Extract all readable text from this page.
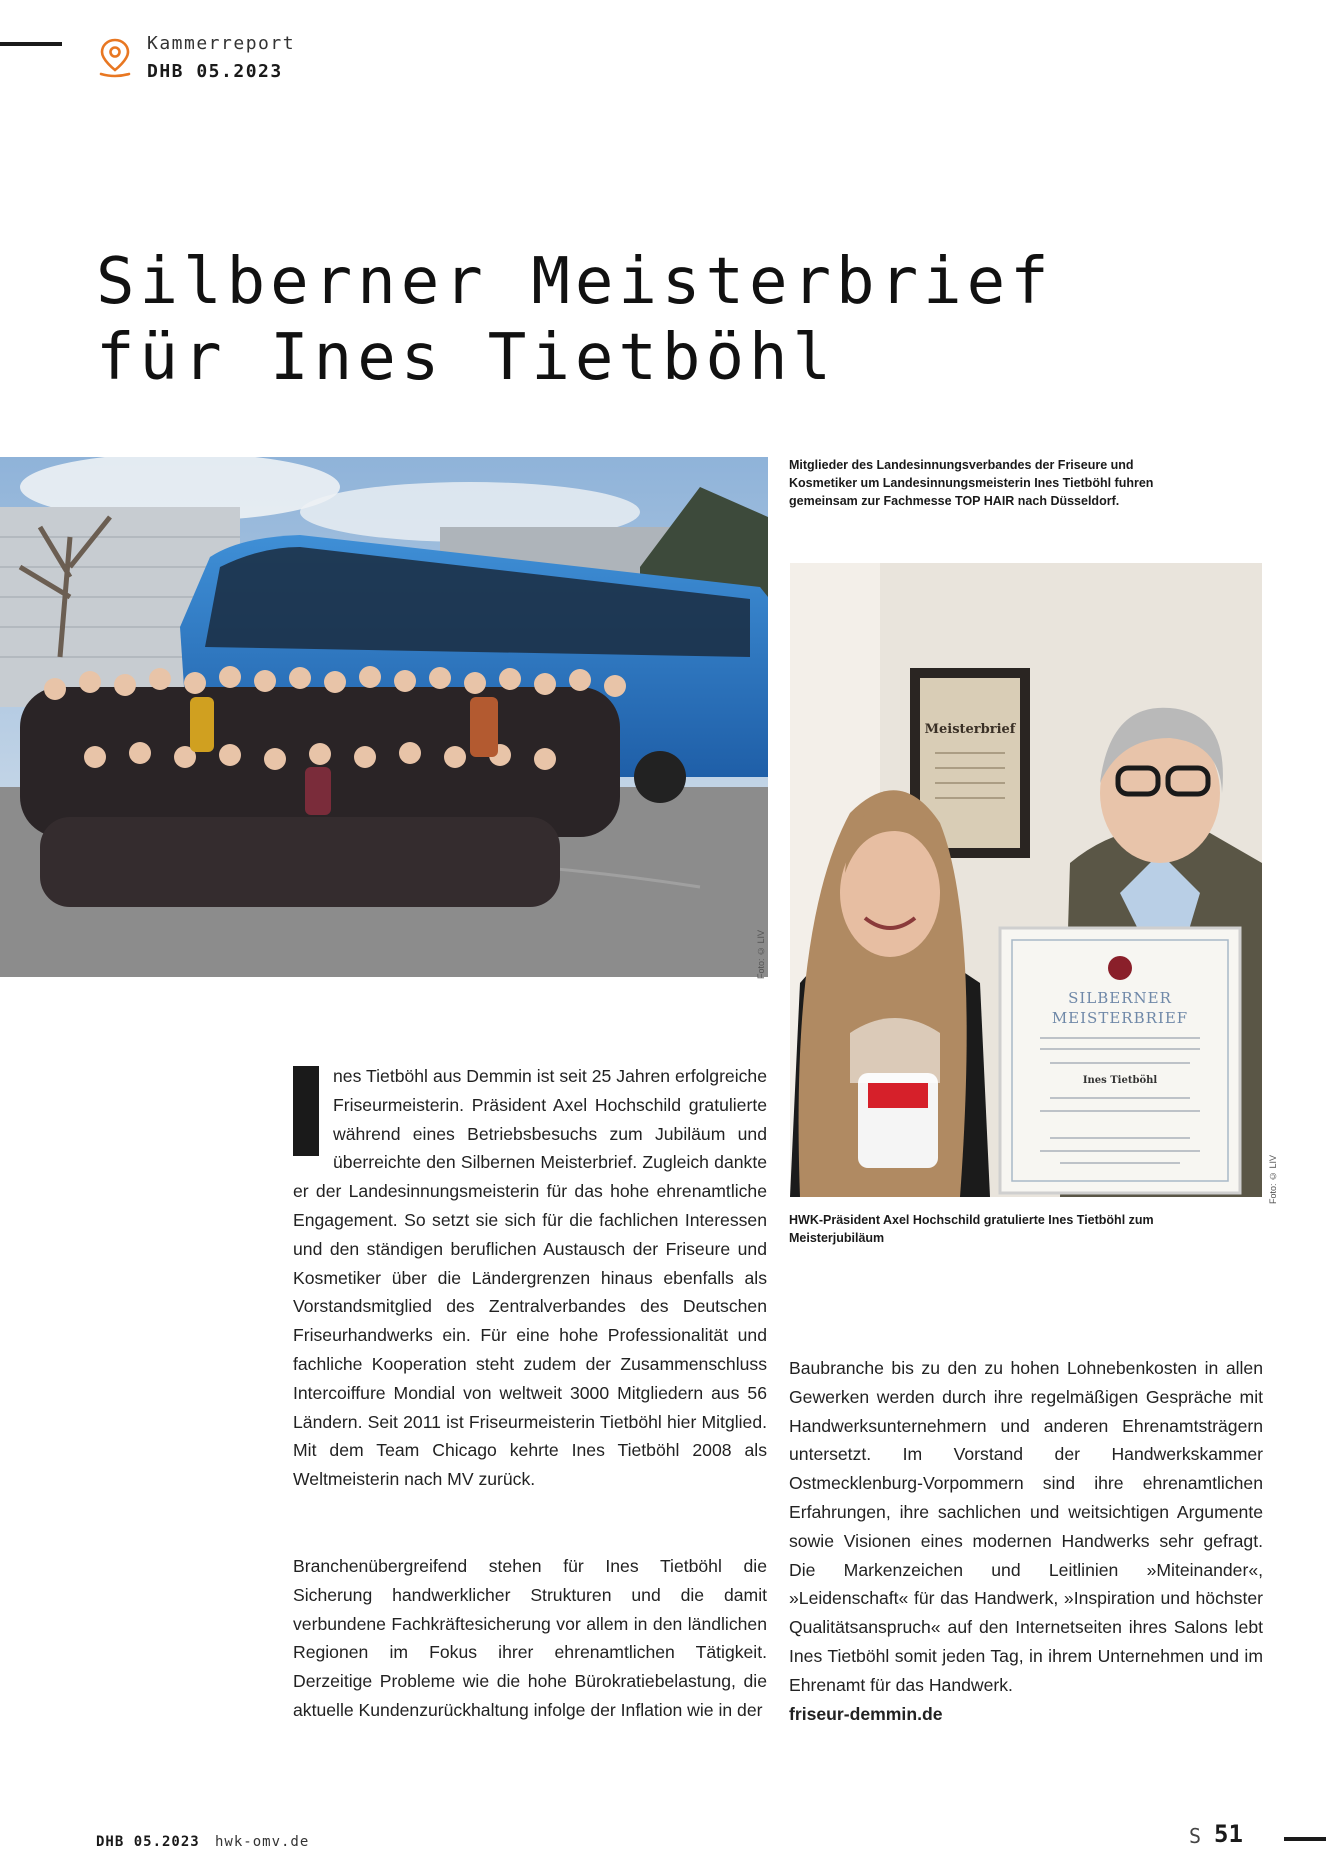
Kammerreport
DHB 05.2023
Silberner Meisterbrief
für Ines Tietböhl
Foto: © LIV
Mitglieder des Landesinnungsverbandes der Friseure und Kosmetiker um Landesinnungsmeisterin Ines Tietböhl fuhren gemeinsam zur Fachmesse TOP HAIR nach Düsseldorf.
Meisterbrief
SILBERNER
MEISTERBRIEF
Ines Tietböhl
Foto: © LIV
HWK-Präsident Axel Hochschild gratulierte Ines Tietböhl zum Meisterjubiläum
nes Tietböhl aus Demmin ist seit 25 Jahren erfolgreiche Friseurmeisterin. Präsident Axel Hochschild gratulierte während eines Betriebsbesuchs zum Jubiläum und überreichte den Silbernen Meisterbrief. Zugleich dankte er der Landesinnungsmeisterin für das hohe ehrenamtliche Engagement. So setzt sie sich für die fachlichen Interessen und den ständigen beruflichen Austausch der Friseure und Kosmetiker über die Ländergrenzen hinaus ebenfalls als Vorstandsmitglied des Zentralverbandes des Deutschen Friseurhandwerks ein. Für eine hohe Professionalität und fachliche Kooperation steht zudem der Zusammenschluss Intercoiffure Mondial von weltweit 3000 Mitgliedern aus 56 Ländern. Seit 2011 ist Friseurmeisterin Tietböhl hier Mitglied. Mit dem Team Chicago kehrte Ines Tietböhl 2008 als Weltmeisterin nach MV zurück.

Branchenübergreifend stehen für Ines Tietböhl die Sicherung handwerklicher Strukturen und die damit verbundene Fachkräftesicherung vor allem in den ländlichen Regionen im Fokus ihrer ehrenamtlichen Tätigkeit. Derzeitige Probleme wie die hohe Bürokratiebelastung, die aktuelle Kundenzurückhaltung infolge der Inflation wie in der

Baubranche bis zu den zu hohen Lohnebenkosten in allen Gewerken werden durch ihre regelmäßigen Gespräche mit Handwerksunternehmern und anderen Ehrenamtsträgern untersetzt. Im Vorstand der Handwerkskammer Ostmecklenburg-Vorpommern sind ihre ehrenamtlichen Erfahrungen, ihre sachlichen und weitsichtigen Argumente sowie Visionen eines modernen Handwerks sehr gefragt. Die Markenzeichen und Leitlinien »Miteinander«, »Leidenschaft« für das Handwerk, »Inspiration und höchster Qualitätsanspruch« auf den Internetseiten ihres Salons lebt Ines Tietböhl somit jeden Tag, in ihrem Unternehmen und im Ehrenamt für das Handwerk.
friseur-demmin.de
DHB 05.2023 hwk-omv.de	S 51
